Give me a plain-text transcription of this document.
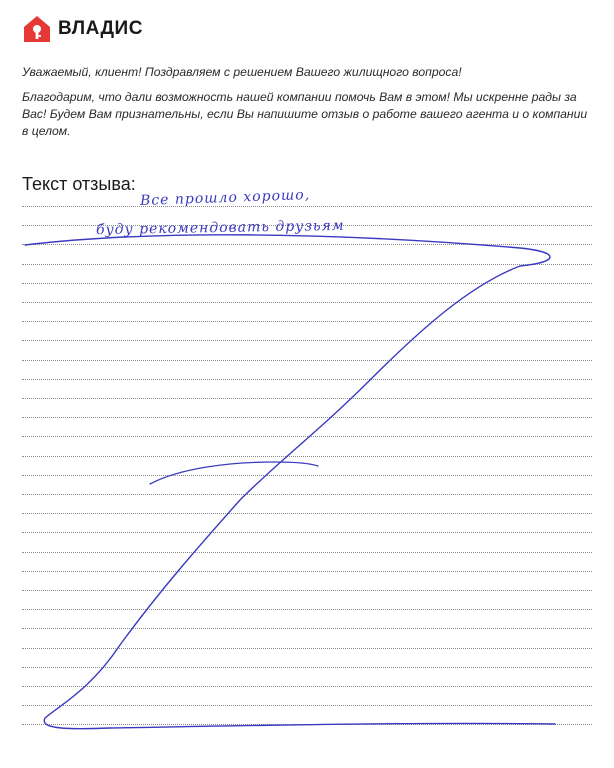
ВЛАДИС

Уважаемый, клиент! Поздравляем с решением Вашего жилищного вопроса!

Благодарим, что дали возможность нашей компании помочь Вам в этом! Мы искренне рады за Вас! Будем Вам признательны, если Вы напишите отзыв о работе вашего агента и о компании в целом.

Текст отзыва:
Все прошло хорошо,
буду рекомендовать друзьям
